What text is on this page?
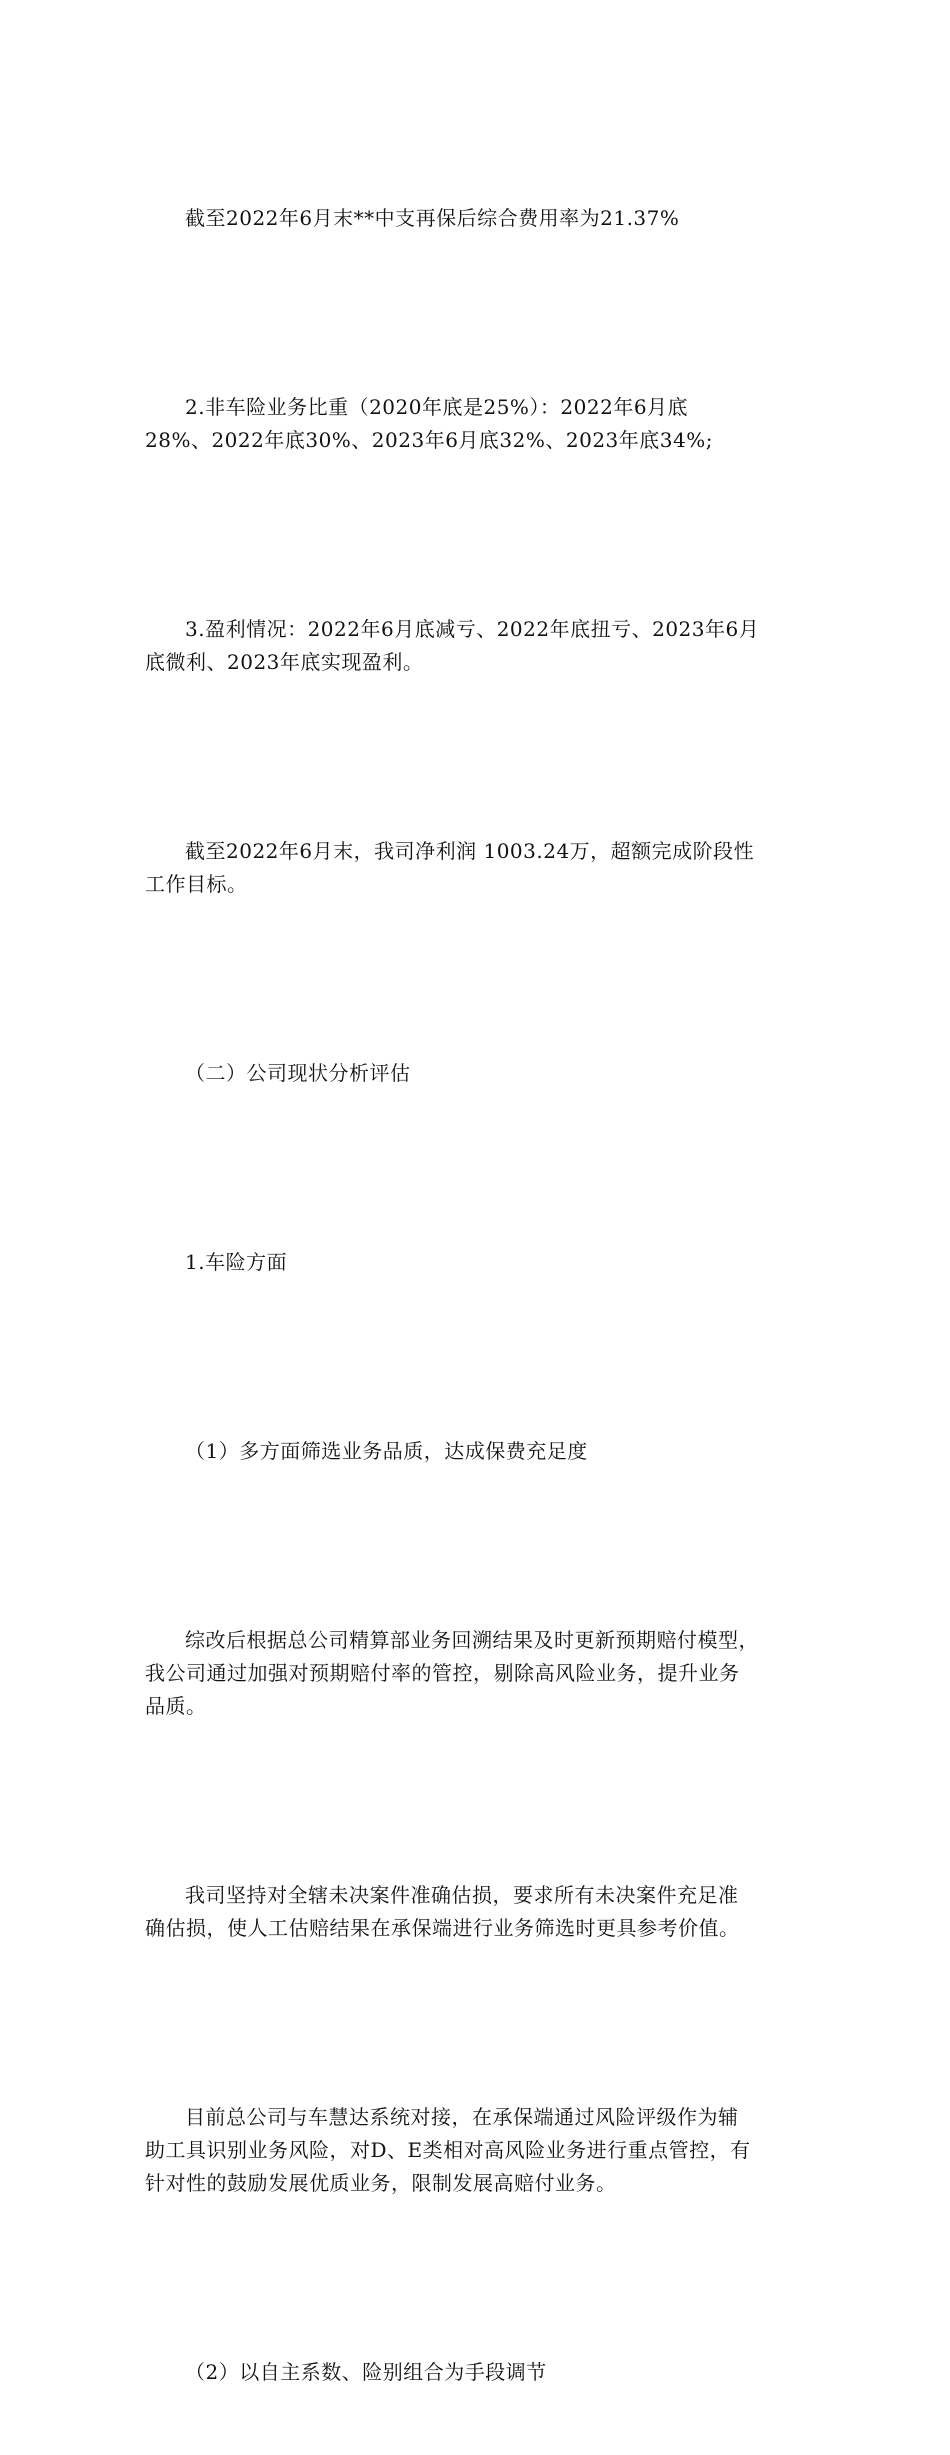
截至2022年6月末**中支再保后综合费用率为21.37%

2.非车险业务比重（2020年底是25%）：2022年6月底
28%、2022年底30%、2023年6月底32%、2023年底34%;

3.盈利情况：2022年6月底减亏、2022年底扭亏、2023年6月
底微利、2023年底实现盈利。

截至2022年6月末，我司净利润 1003.24万，超额完成阶段性
工作目标。

（二）公司现状分析评估

1.车险方面

（1）多方面筛选业务品质，达成保费充足度

综改后根据总公司精算部业务回溯结果及时更新预期赔付模型，
我公司通过加强对预期赔付率的管控，剔除高风险业务，提升业务
品质。

我司坚持对全辖未决案件准确估损，要求所有未决案件充足准
确估损，使人工估赔结果在承保端进行业务筛选时更具参考价值。

目前总公司与车慧达系统对接，在承保端通过风险评级作为辅
助工具识别业务风险，对D、E类相对高风险业务进行重点管控，有
针对性的鼓励发展优质业务，限制发展高赔付业务。

（2）以自主系数、险别组合为手段调节
